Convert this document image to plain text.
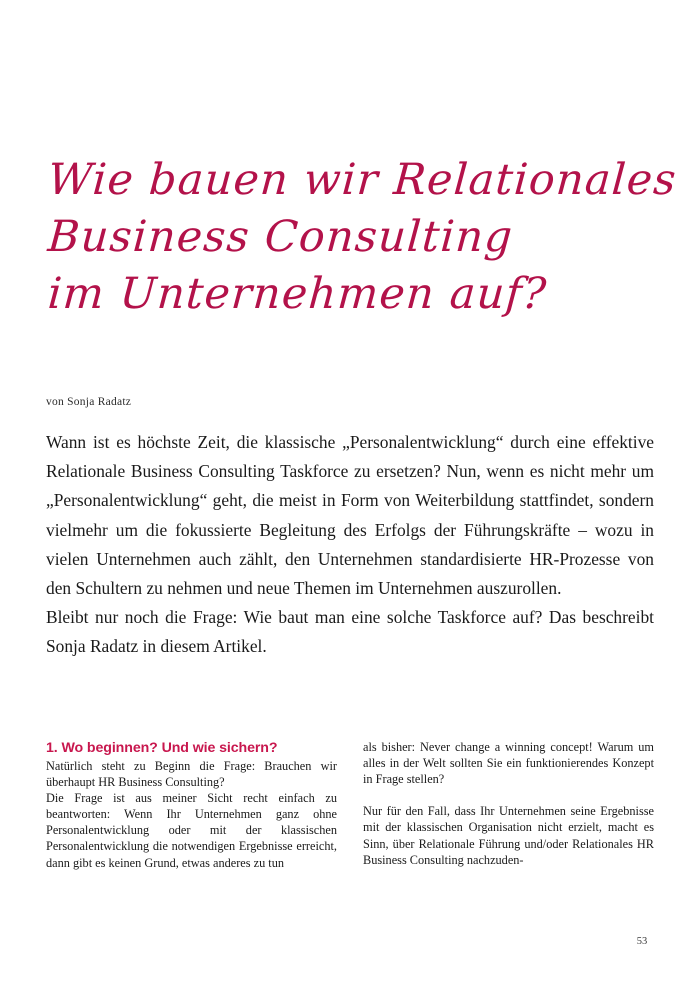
Wie bauen wir Relationales
Business Consulting
im Unternehmen auf?
von Sonja Radatz

Wann ist es höchste Zeit, die klassische „Personalentwicklung“ durch eine effektive Relationale Business Consulting Taskforce zu ersetzen? Nun, wenn es nicht mehr um „Personalentwicklung“ geht, die meist in Form von Weiterbildung stattfindet, sondern vielmehr um die fokussierte Begleitung des Erfolgs der Führungskräfte – wozu in vielen Unternehmen auch zählt, den Unternehmen standardisierte HR-Prozesse von den Schultern zu nehmen und neue Themen im Unternehmen auszurollen.

Bleibt nur noch die Frage: Wie baut man eine solche Taskforce auf? Das beschreibt Sonja Radatz in diesem Artikel.

1. Wo beginnen? Und wie sichern?

Natürlich steht zu Beginn die Frage: Brauchen wir überhaupt HR Business Consulting?

Die Frage ist aus meiner Sicht recht einfach zu beantworten: Wenn Ihr Unternehmen ganz ohne Personalentwicklung oder mit der klassischen Personalentwicklung die notwendigen Ergebnisse erreicht, dann gibt es keinen Grund, etwas anderes zu tun

als bisher: Never change a winning concept! Warum um alles in der Welt sollten Sie ein funktionierendes Konzept in Frage stellen?

Nur für den Fall, dass Ihr Unternehmen seine Ergebnisse mit der klassischen Organisation nicht erzielt, macht es Sinn, über Relationale Führung und/oder Relationales HR Business Consulting nachzuden-

53
